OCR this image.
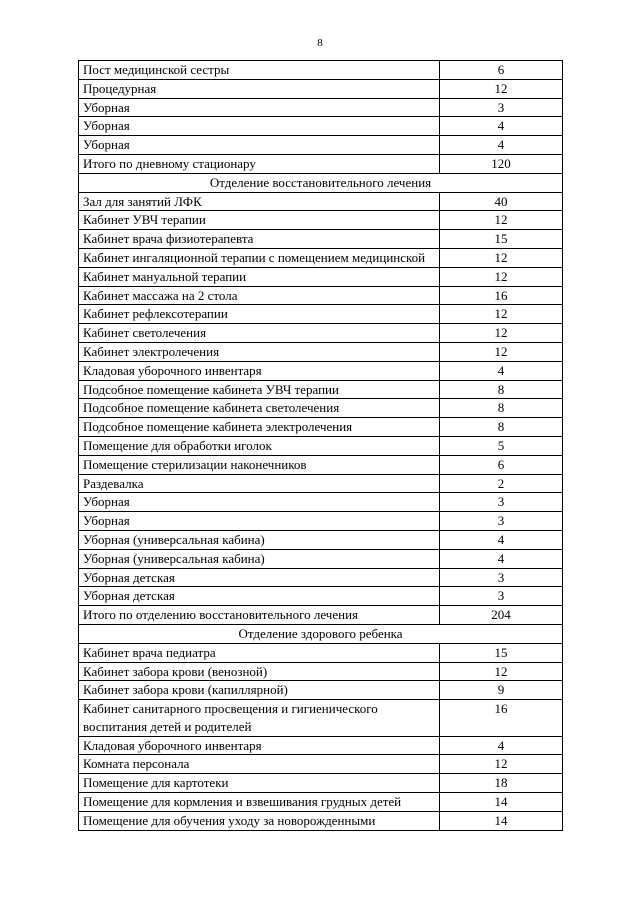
8
Пост медицинской сестры	6
Процедурная	12
Уборная	3
Уборная	4
Уборная	4
Итого по дневному стационару	120
Отделение восстановительного лечения	
Зал для занятий ЛФК	40
Кабинет УВЧ терапии	12
Кабинет врача физиотерапевта	15
Кабинет ингаляционной терапии с помещением медицинской	12
Кабинет мануальной терапии	12
Кабинет массажа на 2 стола	16
Кабинет рефлексотерапии	12
Кабинет светолечения	12
Кабинет электролечения	12
Кладовая уборочного инвентаря	4
Подсобное помещение кабинета УВЧ терапии	8
Подсобное помещение кабинета светолечения	8
Подсобное помещение кабинета электролечения	8
Помещение для обработки иголок	5
Помещение стерилизации наконечников	6
Раздевалка	2
Уборная	3
Уборная	3
Уборная (универсальная кабина)	4
Уборная (универсальная кабина)	4
Уборная детская	3
Уборная детская	3
Итого по отделению восстановительного лечения	204
Отделение здорового ребенка	
Кабинет врача педиатра	15
Кабинет забора крови (венозной)	12
Кабинет забора крови (капиллярной)	9
Кабинет санитарного просвещения и гигиенического воспитания детей и родителей	16
Кладовая уборочного инвентаря	4
Комната персонала	12
Помещение для картотеки	18
Помещение для кормления и взвешивания грудных детей	14
Помещение для обучения уходу за новорожденными	14
